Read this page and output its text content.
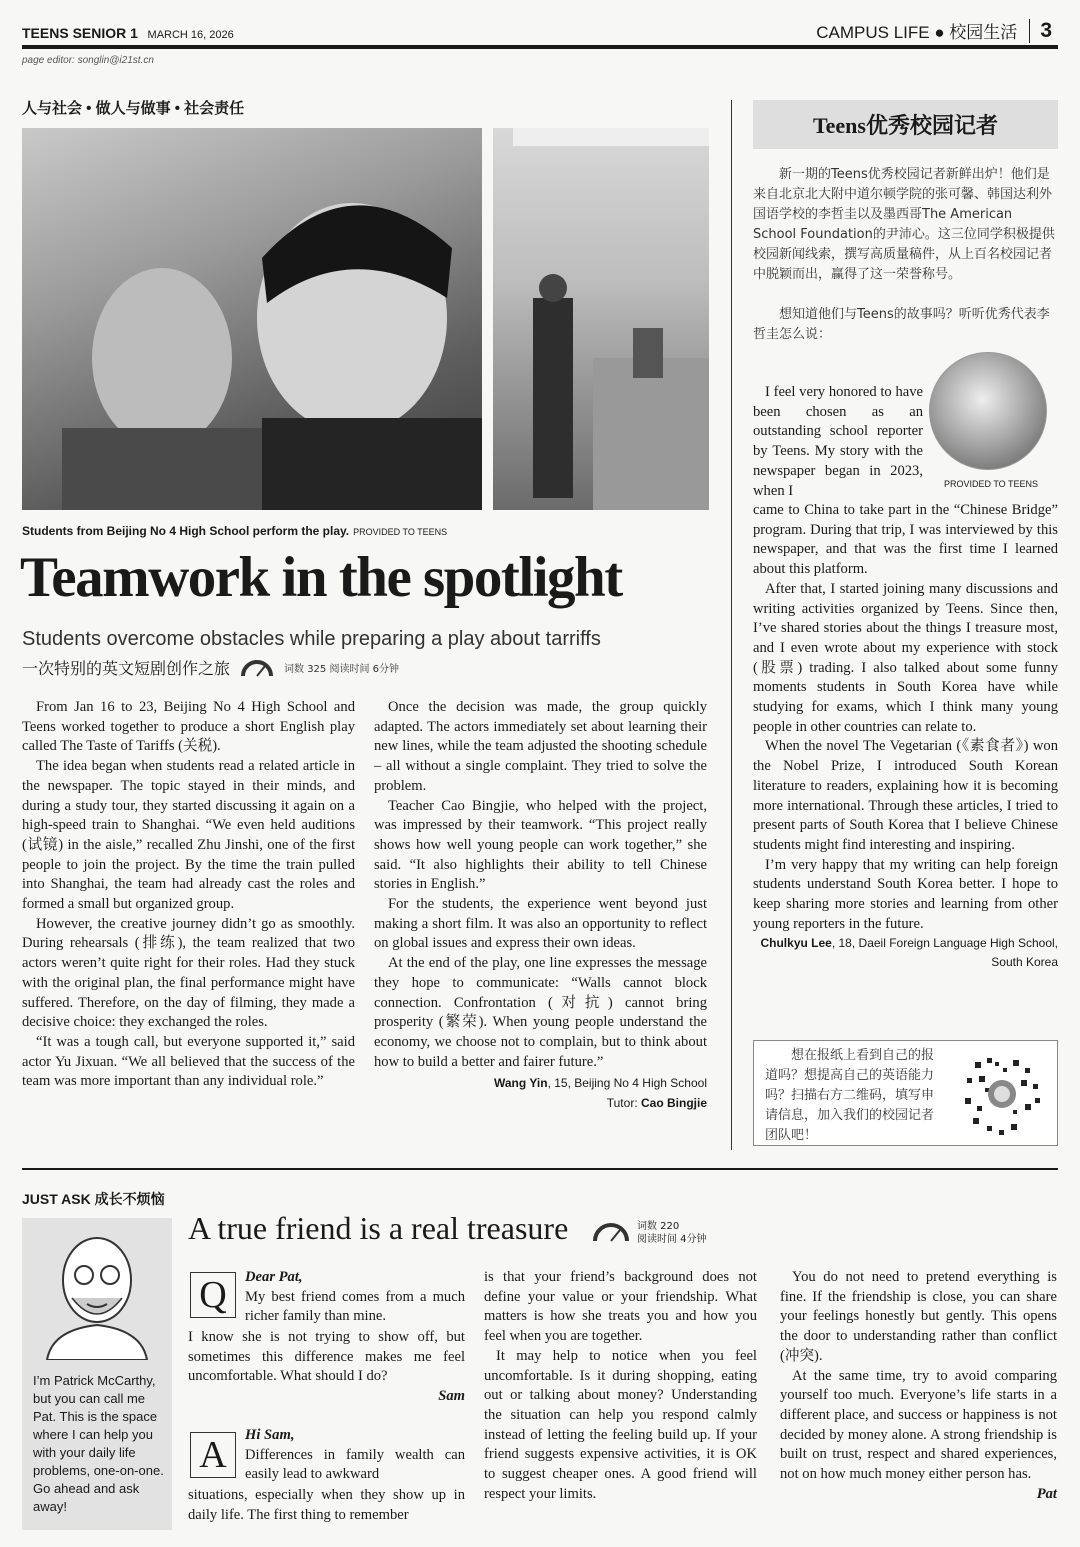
TEENS SENIOR 1 MARCH 16, 2026	CAMPUS LIFE ● 校园生活	3
page editor: songlin@i21st.cn
人与社会 • 做人与做事 • 社会责任
Students from Beijing No 4 High School perform the play. PROVIDED TO TEENS
Teamwork in the spotlight
Students overcome obstacles while preparing a play about tarriffs
一次特别的英文短剧创作之旅	词数 325 阅读时间 6分钟

From Jan 16 to 23, Beijing No 4 High School and Teens worked together to produce a short English play called The Taste of Tariffs (关税).

The idea began when students read a related article in the newspaper. The topic stayed in their minds, and during a study tour, they started discussing it again on a high-speed train to Shanghai. “We even held auditions (试镜) in the aisle,” recalled Zhu Jinshi, one of the first people to join the project. By the time the train pulled into Shanghai, the team had already cast the roles and formed a small but organized group.

However, the creative journey didn’t go as smoothly. During rehearsals (排练), the team realized that two actors weren’t quite right for their roles. Had they stuck with the original plan, the final performance might have suffered. Therefore, on the day of filming, they made a decisive choice: they exchanged the roles.

“It was a tough call, but everyone supported it,” said actor Yu Jixuan. “We all believed that the success of the team was more important than any individual role.”

Once the decision was made, the group quickly adapted. The actors immediately set about learning their new lines, while the team adjusted the shooting schedule – all without a single complaint. They tried to solve the problem.

Teacher Cao Bingjie, who helped with the project, was impressed by their teamwork. “This project really shows how well young people can work together,” she said. “It also highlights their ability to tell Chinese stories in English.”

For the students, the experience went beyond just making a short film. It was also an opportunity to reflect on global issues and express their own ideas.

At the end of the play, one line expresses the message they hope to communicate: “Walls cannot block connection. Confrontation (对抗) cannot bring prosperity (繁荣). When young people understand the economy, we choose not to complain, but to think about how to build a better and fairer future.”

Wang Yin, 15, Beijing No 4 High School
Tutor: Cao Bingjie
Teens优秀校园记者

新一期的Teens优秀校园记者新鲜出炉！他们是来自北京北大附中道尔顿学院的张可馨、韩国达利外国语学校的李哲圭以及墨西哥The American School Foundation的尹沛心。这三位同学积极提供校园新闻线索，撰写高质量稿件，从上百名校园记者中脱颖而出，赢得了这一荣誉称号。

想知道他们与Teens的故事吗？听听优秀代表李哲圭怎么说：

PROVIDED TO TEENS

I feel very honored to have been chosen as an outstanding school reporter by Teens. My story with the newspaper began in 2023, when I

came to China to take part in the “Chinese Bridge” program. During that trip, I was interviewed by this newspaper, and that was the first time I learned about this platform.

After that, I started joining many discussions and writing activities organized by Teens. Since then, I’ve shared stories about the things I treasure most, and I even wrote about my experience with stock (股票) trading. I also talked about some funny moments students in South Korea have while studying for exams, which I think many young people in other countries can relate to.

When the novel The Vegetarian (《素食者》) won the Nobel Prize, I introduced South Korean literature to readers, explaining how it is becoming more international. Through these articles, I tried to present parts of South Korea that I believe Chinese students might find interesting and inspiring.

I’m very happy that my writing can help foreign students understand South Korea better. I hope to keep sharing more stories and learning from other young reporters in the future.

Chulkyu Lee, 18, Daeil Foreign Language High School, South Korea
想在报纸上看到自己的报道吗？想提高自己的英语能力吗？扫描右方二维码，填写申请信息，加入我们的校园记者团队吧！
JUST ASK 成长不烦恼
I’m Patrick McCarthy, but you can call me Pat. This is the space where I can help you with your daily life problems, one-on-one. Go ahead and ask away!
A true friend is a real treasure	词数 220
阅读时间 4分钟
Q	Dear Pat,
My best friend comes from a much richer family than mine.
I know she is not trying to show off, but sometimes this difference makes me feel uncomfortable. What should I do?
Sam
A	Hi Sam,
Differences in family wealth can easily lead to awkward
situations, especially when they show up in daily life. The first thing to remember

is that your friend’s background does not define your value or your friendship. What matters is how she treats you and how you feel when you are together.

It may help to notice when you feel uncomfortable. Is it during shopping, eating out or talking about money? Understanding the situation can help you respond calmly instead of letting the feeling build up. If your friend suggests expensive activities, it is OK to suggest cheaper ones. A good friend will respect your limits.

You do not need to pretend everything is fine. If the friendship is close, you can share your feelings honestly but gently. This opens the door to understanding rather than conflict (冲突).

At the same time, try to avoid comparing yourself too much. Everyone’s life starts in a different place, and success or happiness is not decided by money alone. A strong friendship is built on trust, respect and shared experiences, not on how much money either person has.

Pat
